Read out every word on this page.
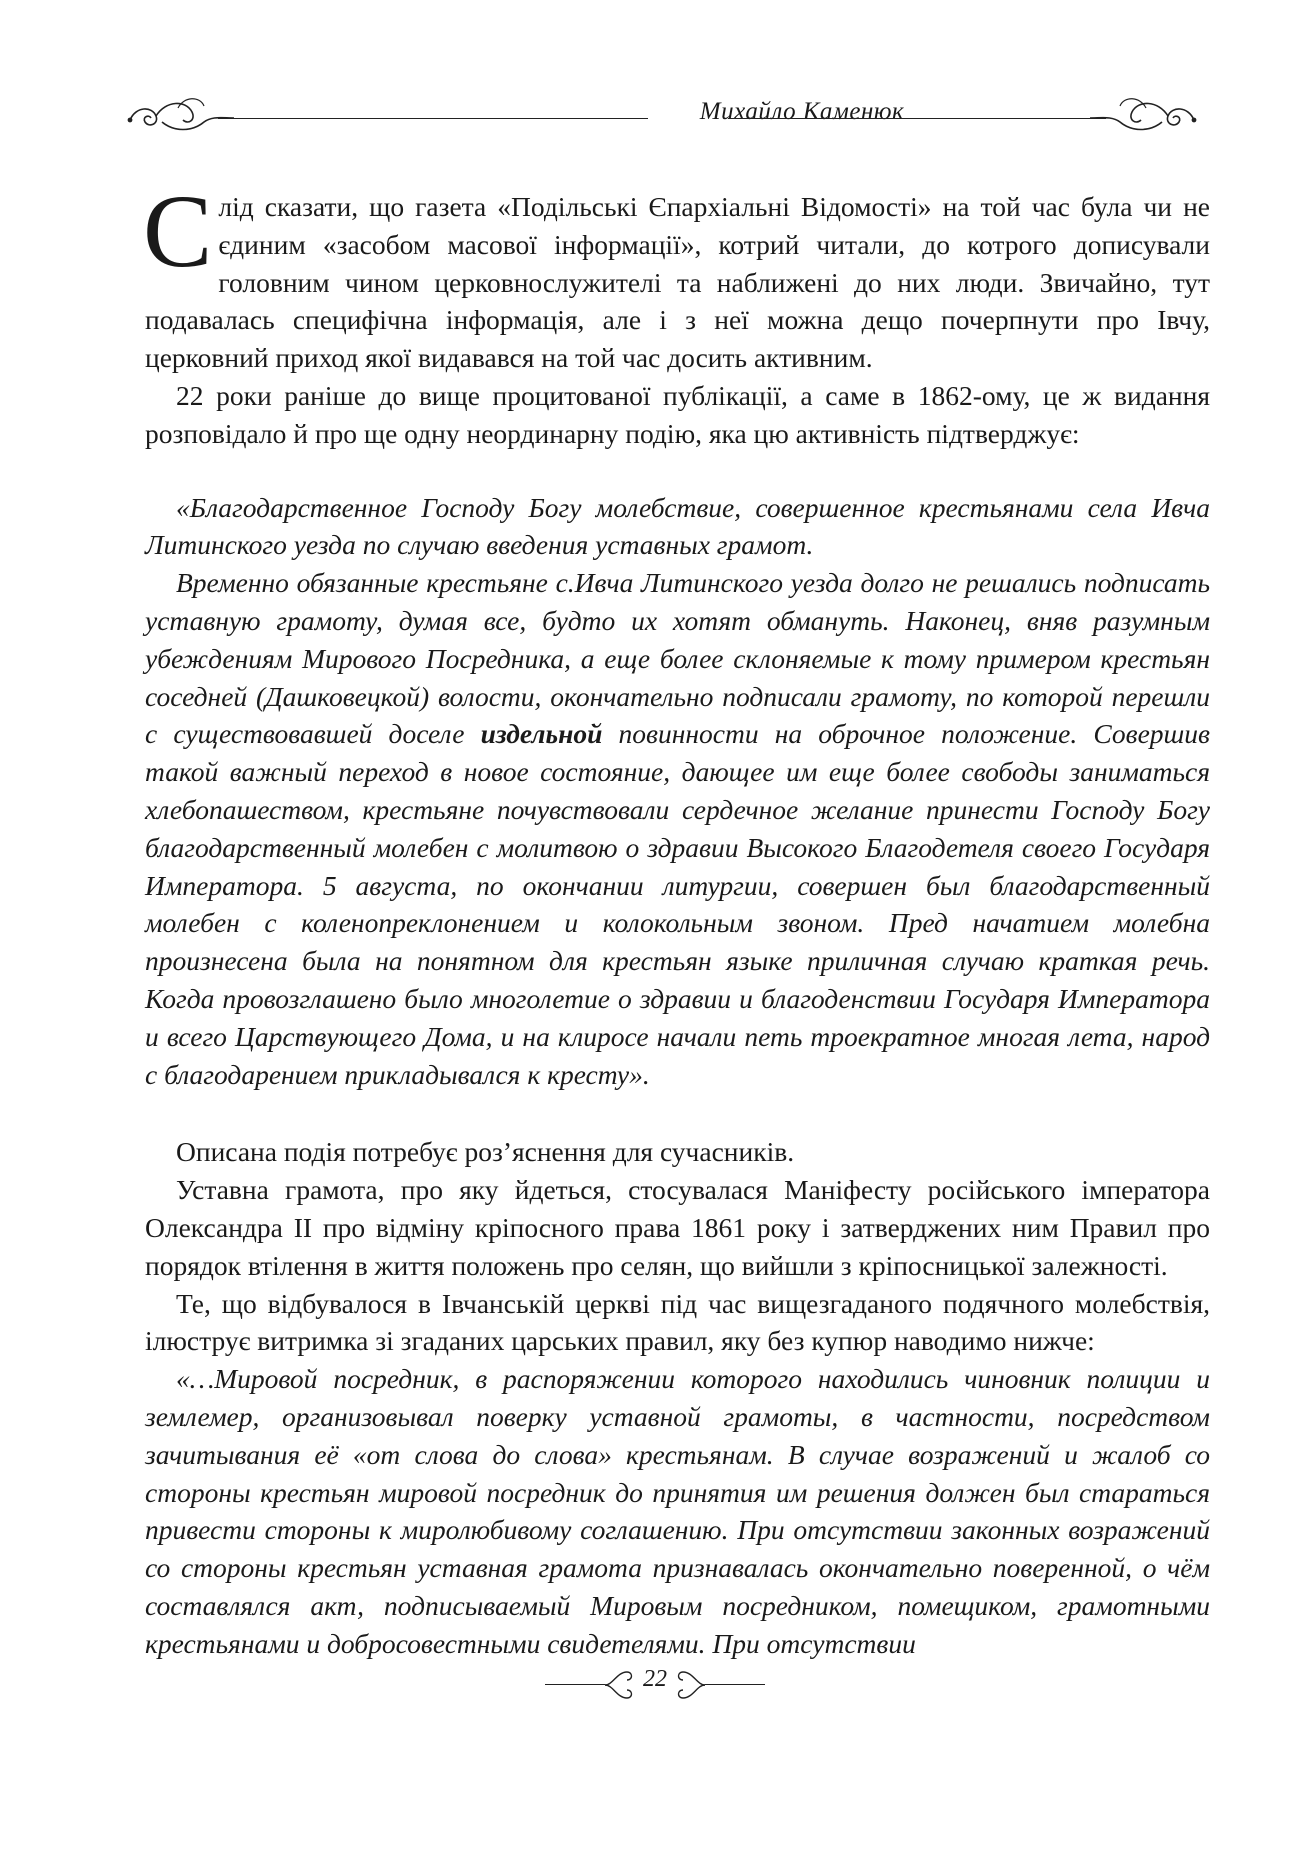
Михайло Каменюк

Слід сказати, що газета «Подільські Єпархіальні Відомості» на той час була чи не єдиним «засобом масової інформації», котрий читали, до котрого дописували головним чином церковнослужителі та наближені до них люди. Звичайно, тут подавалась специфічна інформація, але і з неї можна дещо почерпнути про Івчу, церковний приход якої видавався на той час досить активним.

22 роки раніше до вище процитованої публікації, а саме в 1862-ому, це ж видання розповідало й про ще одну неординарну подію, яка цю активність підтверджує:

«Благодарственное Господу Богу молебствие, совершенное крестьянами села Ивча Литинского уезда по случаю введения уставных грамот.

Временно обязанные крестьяне с.Ивча Литинского уезда долго не решались подписать уставную грамоту, думая все, будто их хотят обмануть. Наконец, вняв разумным убеждениям Мирового Посредника, а еще более склоняемые к тому примером крестьян соседней (Дашковецкой) волости, окончательно подписали грамоту, по которой перешли с существовавшей доселе издельной повинности на оброчное положение. Совершив такой важный переход в новое состояние, дающее им еще более свободы заниматься хлебопашеством, крестьяне почувствовали сердечное желание принести Господу Богу благодарственный молебен с молитвою о здравии Высокого Благодетеля своего Государя Императора. 5 августа, по окончании литургии, совершен был благодарственный молебен с коленопреклонением и колокольным звоном. Пред начатием молебна произнесена была на понятном для крестьян языке приличная случаю краткая речь. Когда провозглашено было многолетие о здравии и благоденствии Государя Императора и всего Царствующего Дома, и на клиросе начали петь троекратное многая лета, народ с благодарением прикладывался к кресту».

Описана подія потребує роз’яснення для сучасників.

Уставна грамота, про яку йдеться, стосувалася Маніфесту російського імператора Олександра ІІ про відміну кріпосного права 1861 року і затверджених ним Правил про порядок втілення в життя положень про селян, що вийшли з кріпосницької залежності.

Те, що відбувалося в Івчанській церкві під час вищезгаданого подячного молебствія, ілюструє витримка зі згаданих царських правил, яку без купюр наводимо нижче:

«…Мировой посредник, в распоряжении которого находились чиновник полиции и землемер, организовывал поверку уставной грамоты, в частности, посредством зачитывания её «от слова до слова» крестьянам. В случае возражений и жалоб со стороны крестьян мировой посредник до принятия им решения должен был стараться привести стороны к миролюбивому соглашению. При отсутствии законных возражений со стороны крестьян уставная грамота признавалась окончательно поверенной, о чём составлялся акт, подписываемый Мировым посредником, помещиком, грамотными крестьянами и добросовестными свидетелями. При отсутствии

22
